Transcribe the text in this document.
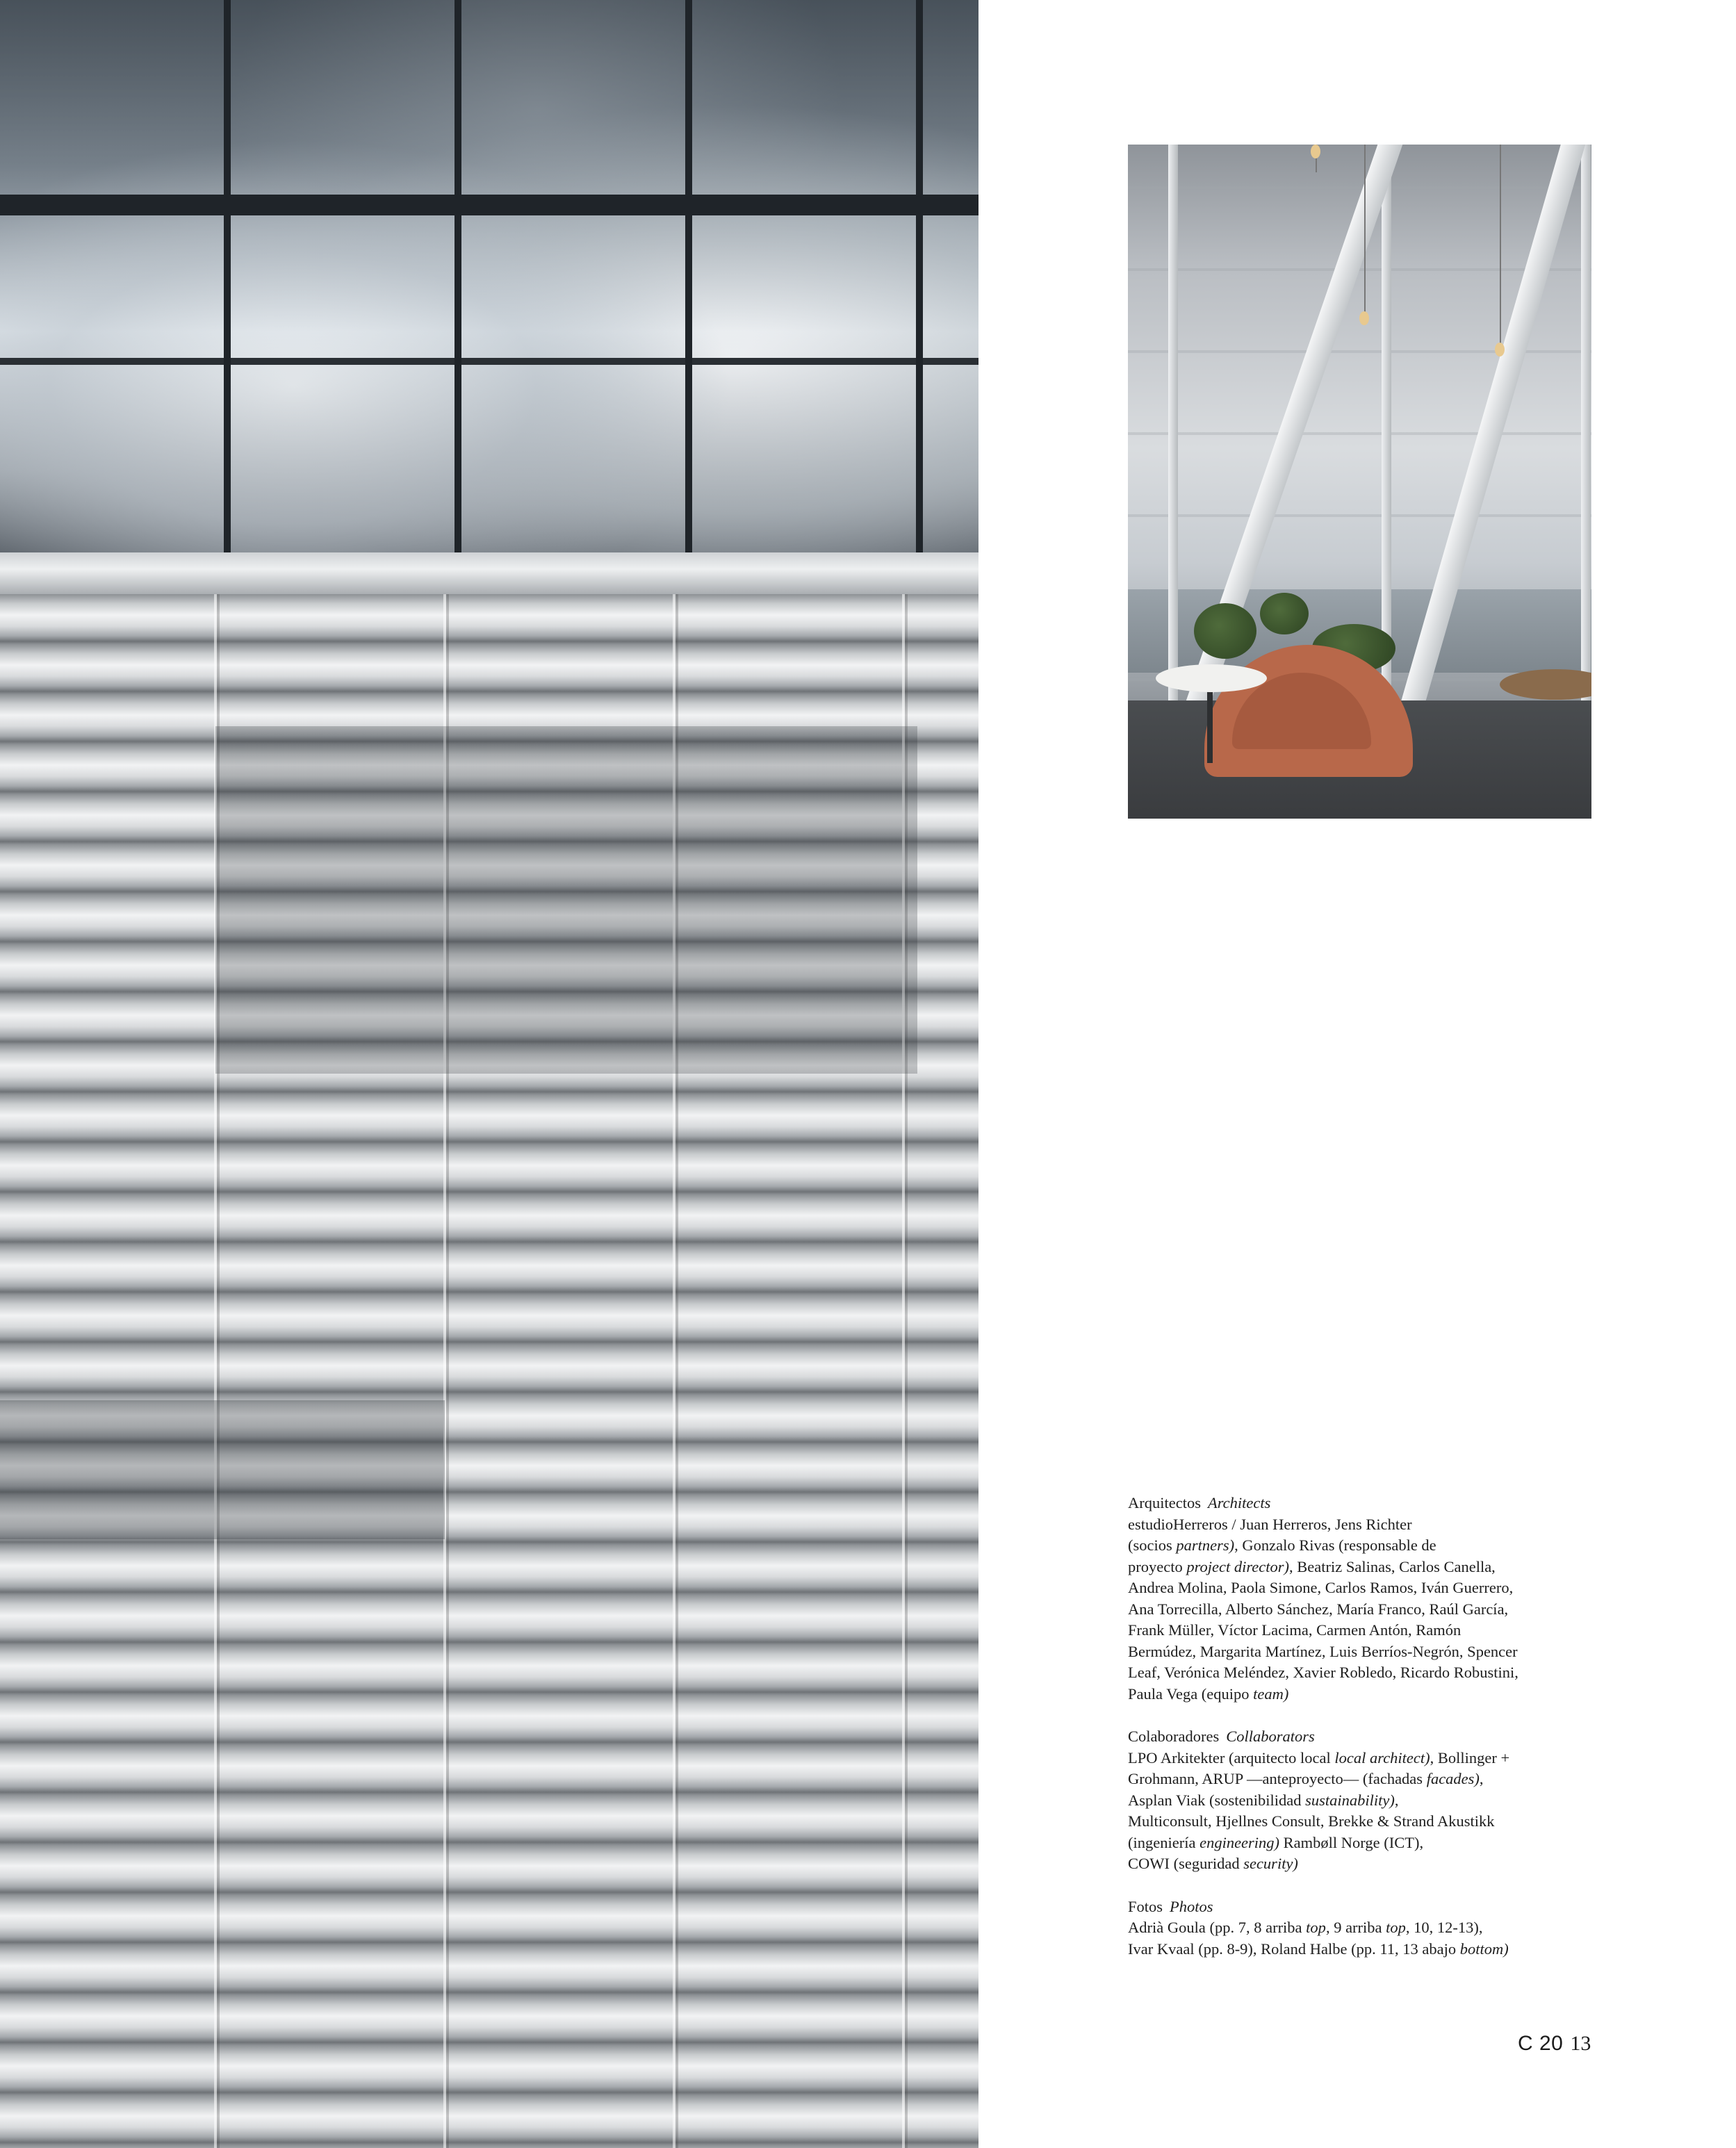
Arquitectos Architects
estudioHerreros / Juan Herreros, Jens Richter
(socios partners), Gonzalo Rivas (responsable de
proyecto project director), Beatriz Salinas, Carlos Canella,
Andrea Molina, Paola Simone, Carlos Ramos, Iván Guerrero,
Ana Torrecilla, Alberto Sánchez, María Franco, Raúl García,
Frank Müller, Víctor Lacima, Carmen Antón, Ramón
Bermúdez, Margarita Martínez, Luis Berríos-Negrón, Spencer
Leaf, Verónica Meléndez, Xavier Robledo, Ricardo Robustini,
Paula Vega (equipo team)
Colaboradores Collaborators
LPO Arkitekter (arquitecto local local architect), Bollinger +
Grohmann, ARUP —anteproyecto— (fachadas facades),
Asplan Viak (sostenibilidad sustainability),
Multiconsult, Hjellnes Consult, Brekke & Strand Akustikk
(ingeniería engineering) Rambøll Norge (ICT),
COWI (seguridad security)
Fotos Photos
Adrià Goula (pp. 7, 8 arriba top, 9 arriba top, 10, 12-13),
Ivar Kvaal (pp. 8-9), Roland Halbe (pp. 11, 13 abajo bottom)
C 20 13
